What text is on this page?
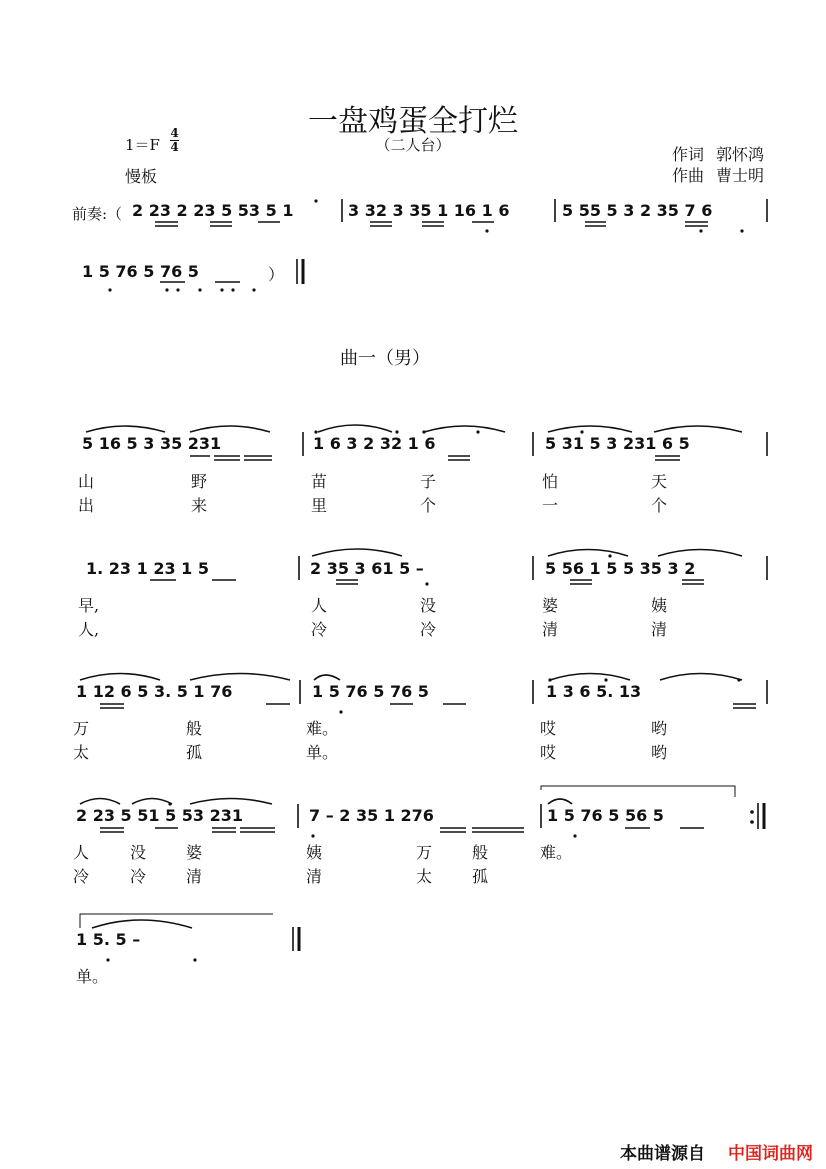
一盘鸡蛋全打烂
（二人台）
1＝F
4
4
慢板
作词 郭怀鸿
作曲 曹士明
前奏:（ 2 23 2 23 5 53 5 1	3 32 3 35 1 16 1 6	5 55 5 3 2 35 7 6
1 5 76 5 76 5	）
曲一（男）
5 16 5 3 35 231	1 6 3 2 32 1 6	5 31 5 3 231 6 5
山	野	苗	子	怕	天
出	来	里	个	一	个
1. 23 1 23 1 5	2 35 3 61 5 –	5 56 1 5 5 35 3 2
早,	人	没	婆	姨
人,	冷	冷	清	清
1 12 6 5 3. 5 1 76	1 5 76 5 76 5	1 3 6 5. 13
万	般	难。	哎	哟
太	孤	单。	哎	哟
2 23 5 51 5 53 231	7 – 2 35 1 276	1 5 76 5 56 5
人	没 婆	姨	万 般	难。
冷	冷 清	清	太 孤
1 5. 5 –
单。
本曲谱源自 中国词曲网
